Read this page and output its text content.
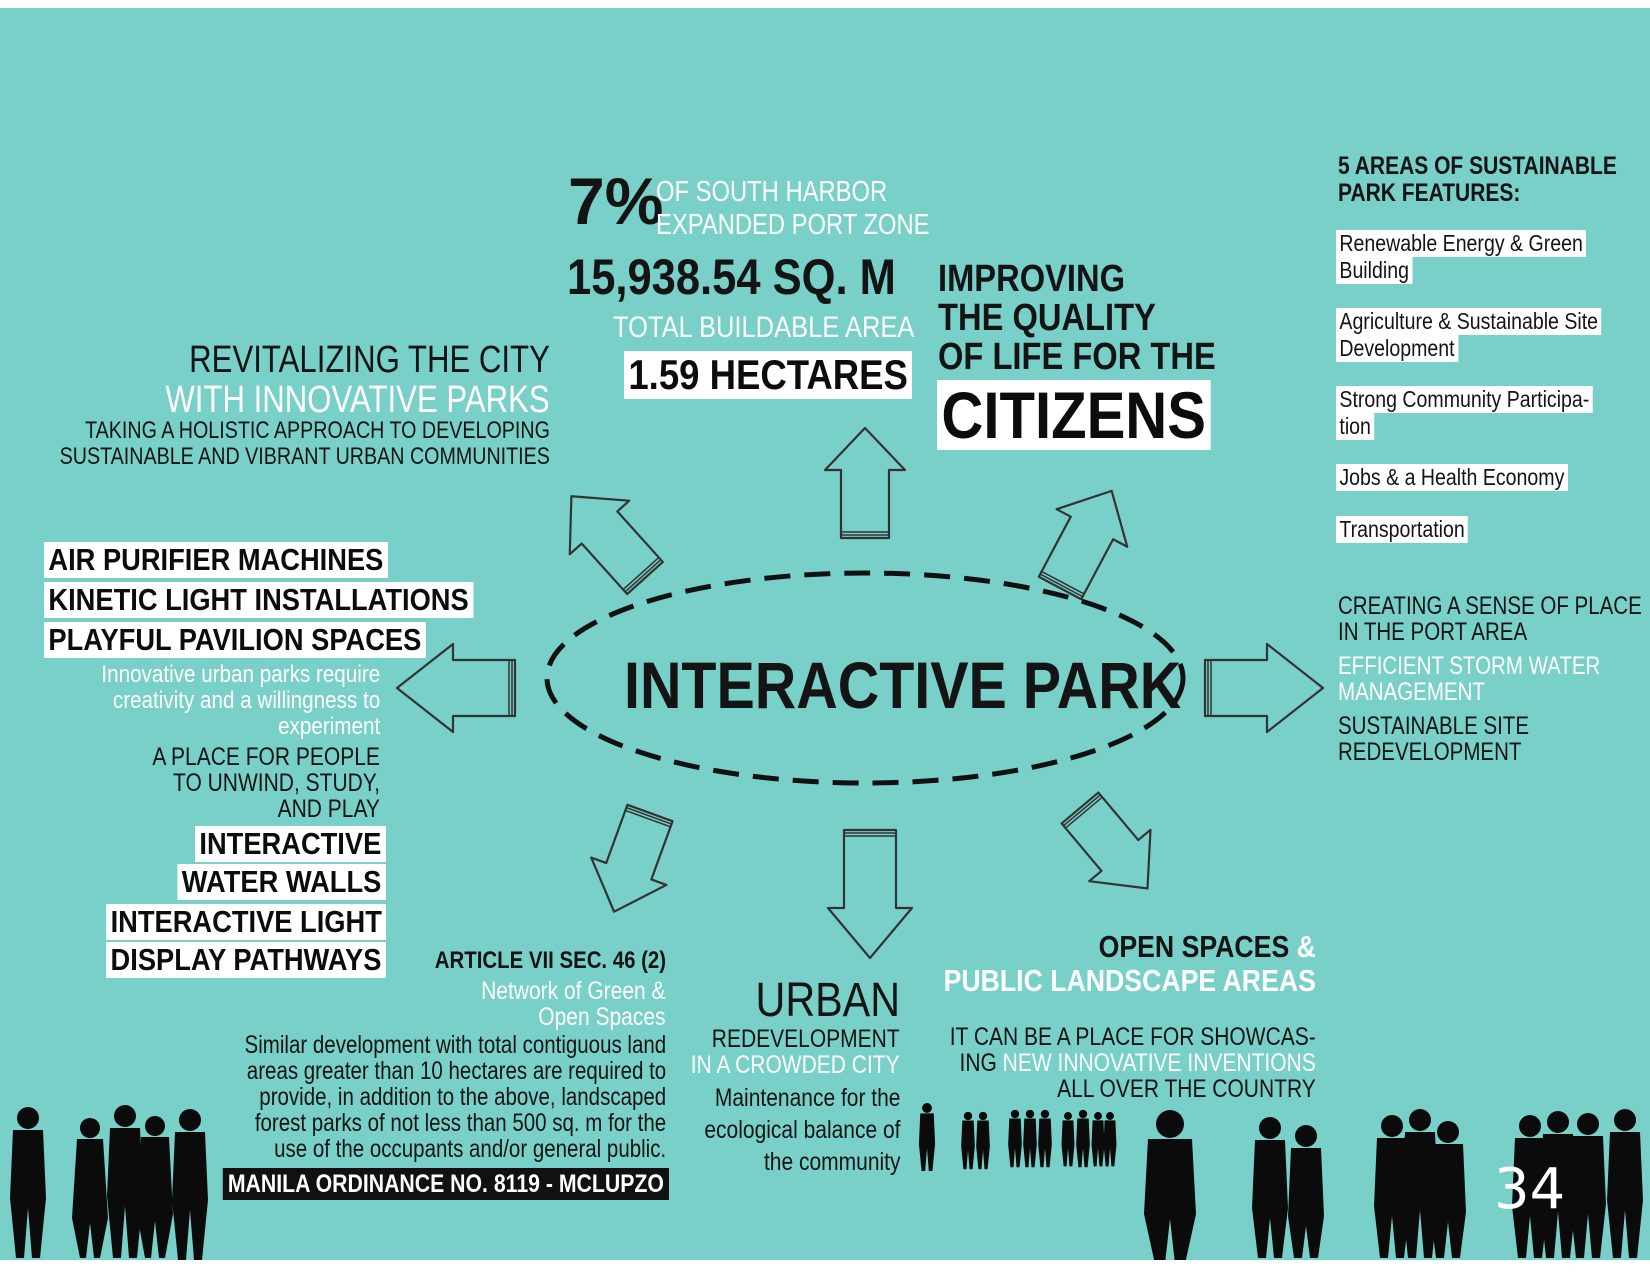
7%
OF SOUTH HARBOR
EXPANDED PORT ZONE
15,938.54 SQ. M
TOTAL BUILDABLE AREA
1.59 HECTARES
IMPROVING
THE QUALITY
OF LIFE FOR THE
CITIZENS
REVITALIZING THE CITY
WITH INNOVATIVE PARKS
TAKING A HOLISTIC APPROACH TO DEVELOPING
SUSTAINABLE AND VIBRANT URBAN COMMUNITIES
AIR PURIFIER MACHINES
KINETIC LIGHT INSTALLATIONS
PLAYFUL PAVILION SPACES
Innovative urban parks require
creativity and a willingness to
experiment
A PLACE FOR PEOPLE
TO UNWIND, STUDY,
AND PLAY
INTERACTIVE
WATER WALLS
INTERACTIVE LIGHT
DISPLAY PATHWAYS
5 AREAS OF SUSTAINABLE
PARK FEATURES:
Renewable Energy & Green
Building
Agriculture & Sustainable Site
Development
Strong Community Participa-
tion
Jobs & a Health Economy
Transportation
CREATING A SENSE OF PLACE
IN THE PORT AREA
EFFICIENT STORM WATER
MANAGEMENT
SUSTAINABLE SITE
REDEVELOPMENT
INTERACTIVE PARK
ARTICLE VII SEC. 46 (2)
Network of Green &
Open Spaces
Similar development with total contiguous land
areas greater than 10 hectares are required to
provide, in addition to the above, landscaped
forest parks of not less than 500 sq. m for the
use of the occupants and/or general public.
MANILA ORDINANCE NO. 8119 - MCLUPZO
URBAN
REDEVELOPMENT
IN A CROWDED CITY
Maintenance for the
ecological balance of
the community
OPEN SPACES &
PUBLIC LANDSCAPE AREAS
IT CAN BE A PLACE FOR SHOWCAS-
ING NEW INNOVATIVE INVENTIONS
ALL OVER THE COUNTRY
34
